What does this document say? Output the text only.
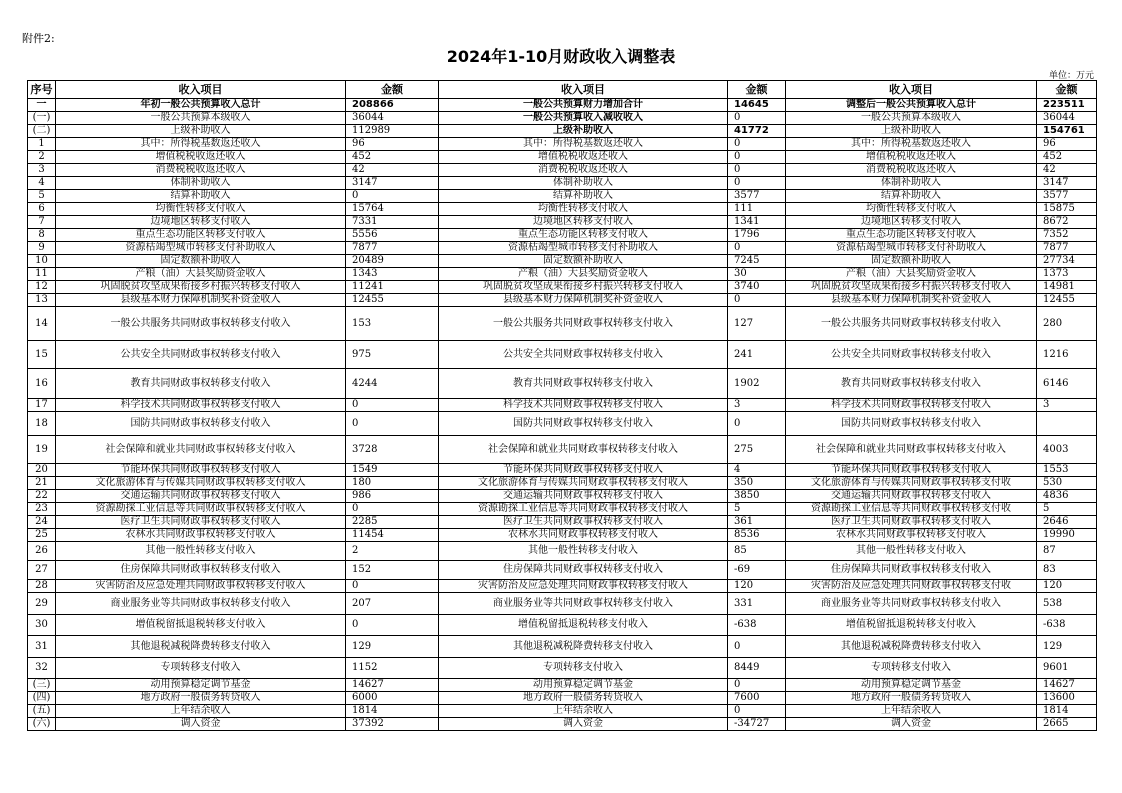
附件2:
2024年1-10月财政收入调整表
单位：万元
序号	收入项目	金额	收入项目	金额	收入项目	金额
一	年初一般公共预算收入总计	208866	一般公共预算财力增加合计	14645	调整后一般公共预算收入总计	223511
(一)	一般公共预算本级收入	36044	一般公共预算收入减收收入	0	一般公共预算本级收入	36044
(二)	上级补助收入	112989	上级补助收入	41772	上级补助收入	154761
1	其中：所得税基数返还收入	96	其中：所得税基数返还收入	0	其中：所得税基数返还收入	96
2	增值税税收返还收入	452	增值税税收返还收入	0	增值税税收返还收入	452
3	消费税税收返还收入	42	消费税税收返还收入	0	消费税税收返还收入	42
4	体制补助收入	3147	体制补助收入	0	体制补助收入	3147
5	结算补助收入	0	结算补助收入	3577	结算补助收入	3577
6	均衡性转移支付收入	15764	均衡性转移支付收入	111	均衡性转移支付收入	15875
7	边境地区转移支付收入	7331	边境地区转移支付收入	1341	边境地区转移支付收入	8672
8	重点生态功能区转移支付收入	5556	重点生态功能区转移支付收入	1796	重点生态功能区转移支付收入	7352
9	资源枯竭型城市转移支付补助收入	7877	资源枯竭型城市转移支付补助收入	0	资源枯竭型城市转移支付补助收入	7877
10	固定数额补助收入	20489	固定数额补助收入	7245	固定数额补助收入	27734
11	产粮（油）大县奖励资金收入	1343	产粮（油）大县奖励资金收入	30	产粮（油）大县奖励资金收入	1373
12	巩固脱贫攻坚成果衔接乡村振兴转移支付收入	11241	巩固脱贫攻坚成果衔接乡村振兴转移支付收入	3740	巩固脱贫攻坚成果衔接乡村振兴转移支付收入	14981
13	县级基本财力保障机制奖补资金收入	12455	县级基本财力保障机制奖补资金收入	0	县级基本财力保障机制奖补资金收入	12455
14	一般公共服务共同财政事权转移支付收入	153	一般公共服务共同财政事权转移支付收入	127	一般公共服务共同财政事权转移支付收入	280
15	公共安全共同财政事权转移支付收入	975	公共安全共同财政事权转移支付收入	241	公共安全共同财政事权转移支付收入	1216
16	教育共同财政事权转移支付收入	4244	教育共同财政事权转移支付收入	1902	教育共同财政事权转移支付收入	6146
17	科学技术共同财政事权转移支付收入	0	科学技术共同财政事权转移支付收入	3	科学技术共同财政事权转移支付收入	3
18	国防共同财政事权转移支付收入	0	国防共同财政事权转移支付收入	0	国防共同财政事权转移支付收入	
19	社会保障和就业共同财政事权转移支付收入	3728	社会保障和就业共同财政事权转移支付收入	275	社会保障和就业共同财政事权转移支付收入	4003
20	节能环保共同财政事权转移支付收入	1549	节能环保共同财政事权转移支付收入	4	节能环保共同财政事权转移支付收入	1553
21	文化旅游体育与传媒共同财政事权转移支付收入	180	文化旅游体育与传媒共同财政事权转移支付收入	350	文化旅游体育与传媒共同财政事权转移支付收	530
22	交通运输共同财政事权转移支付收入	986	交通运输共同财政事权转移支付收入	3850	交通运输共同财政事权转移支付收入	4836
23	资源勘探工业信息等共同财政事权转移支付收入	0	资源勘探工业信息等共同财政事权转移支付收入	5	资源勘探工业信息等共同财政事权转移支付收	5
24	医疗卫生共同财政事权转移支付收入	2285	医疗卫生共同财政事权转移支付收入	361	医疗卫生共同财政事权转移支付收入	2646
25	农林水共同财政事权转移支付收入	11454	农林水共同财政事权转移支付收入	8536	农林水共同财政事权转移支付收入	19990
26	其他一般性转移支付收入	2	其他一般性转移支付收入	85	其他一般性转移支付收入	87
27	住房保障共同财政事权转移支付收入	152	住房保障共同财政事权转移支付收入	-69	住房保障共同财政事权转移支付收入	83
28	灾害防治及应急处理共同财政事权转移支付收入	0	灾害防治及应急处理共同财政事权转移支付收入	120	灾害防治及应急处理共同财政事权转移支付收	120
29	商业服务业等共同财政事权转移支付收入	207	商业服务业等共同财政事权转移支付收入	331	商业服务业等共同财政事权转移支付收入	538
30	增值税留抵退税转移支付收入	0	增值税留抵退税转移支付收入	-638	增值税留抵退税转移支付收入	-638
31	其他退税减税降费转移支付收入	129	其他退税减税降费转移支付收入	0	其他退税减税降费转移支付收入	129
32	专项转移支付收入	1152	专项转移支付收入	8449	专项转移支付收入	9601
(三)	动用预算稳定调节基金	14627	动用预算稳定调节基金	0	动用预算稳定调节基金	14627
(四)	地方政府一般债务转贷收入	6000	地方政府一般债务转贷收入	7600	地方政府一般债务转贷收入	13600
(五)	上年结余收入	1814	上年结余收入	0	上年结余收入	1814
(六)	调入资金	37392	调入资金	-34727	调入资金	2665
